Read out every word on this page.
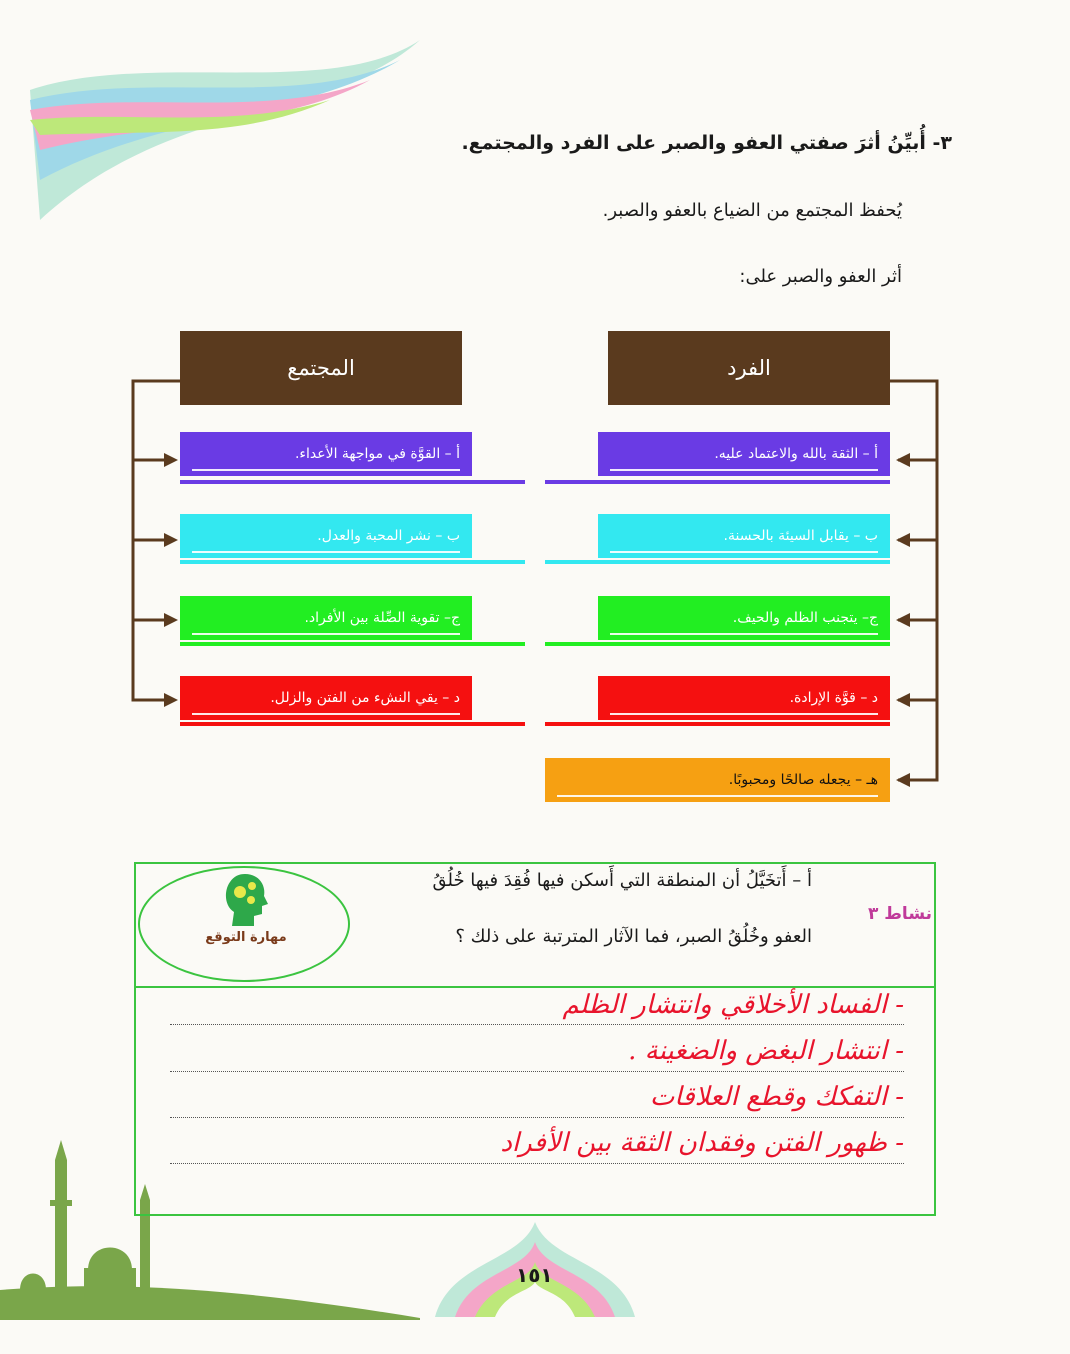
٣- أُبيِّنُ أثرَ صفتي العفو والصبر على الفرد والمجتمع.
يُحفظ المجتمع من الضياع بالعفو والصبر.
أثر العفو والصبر على:
الفرد
المجتمع
أ – الثقة بالله والاعتماد عليه.
ب – يقابل السيئة بالحسنة.
ج– يتجنب الظلم والحيف.
د – قوَّة الإرادة.
هـ – يجعله صالحًا ومحبوبًا.
أ – القوَّة في مواجهة الأعداء.
ب – نشر المحبة والعدل.
ج– تقوية الصِّلة بين الأفراد.
د – يقي النشء من الفتن والزلل.
مهارة التوقع
نشاط ٣
أ – أَتخَيَّلُ أن المنطقة التي أَسكن فيها فُقِدَ فيها خُلُقُ
العفو وخُلُقُ الصبر، فما الآثار المترتبة على ذلك ؟
- الفساد الأخلاقي وانتشار الظلم
- انتشار البغض والضغينة .
- التفكك وقطع العلاقات
- ظهور الفتن وفقدان الثقة بين الأفراد
١٥١
